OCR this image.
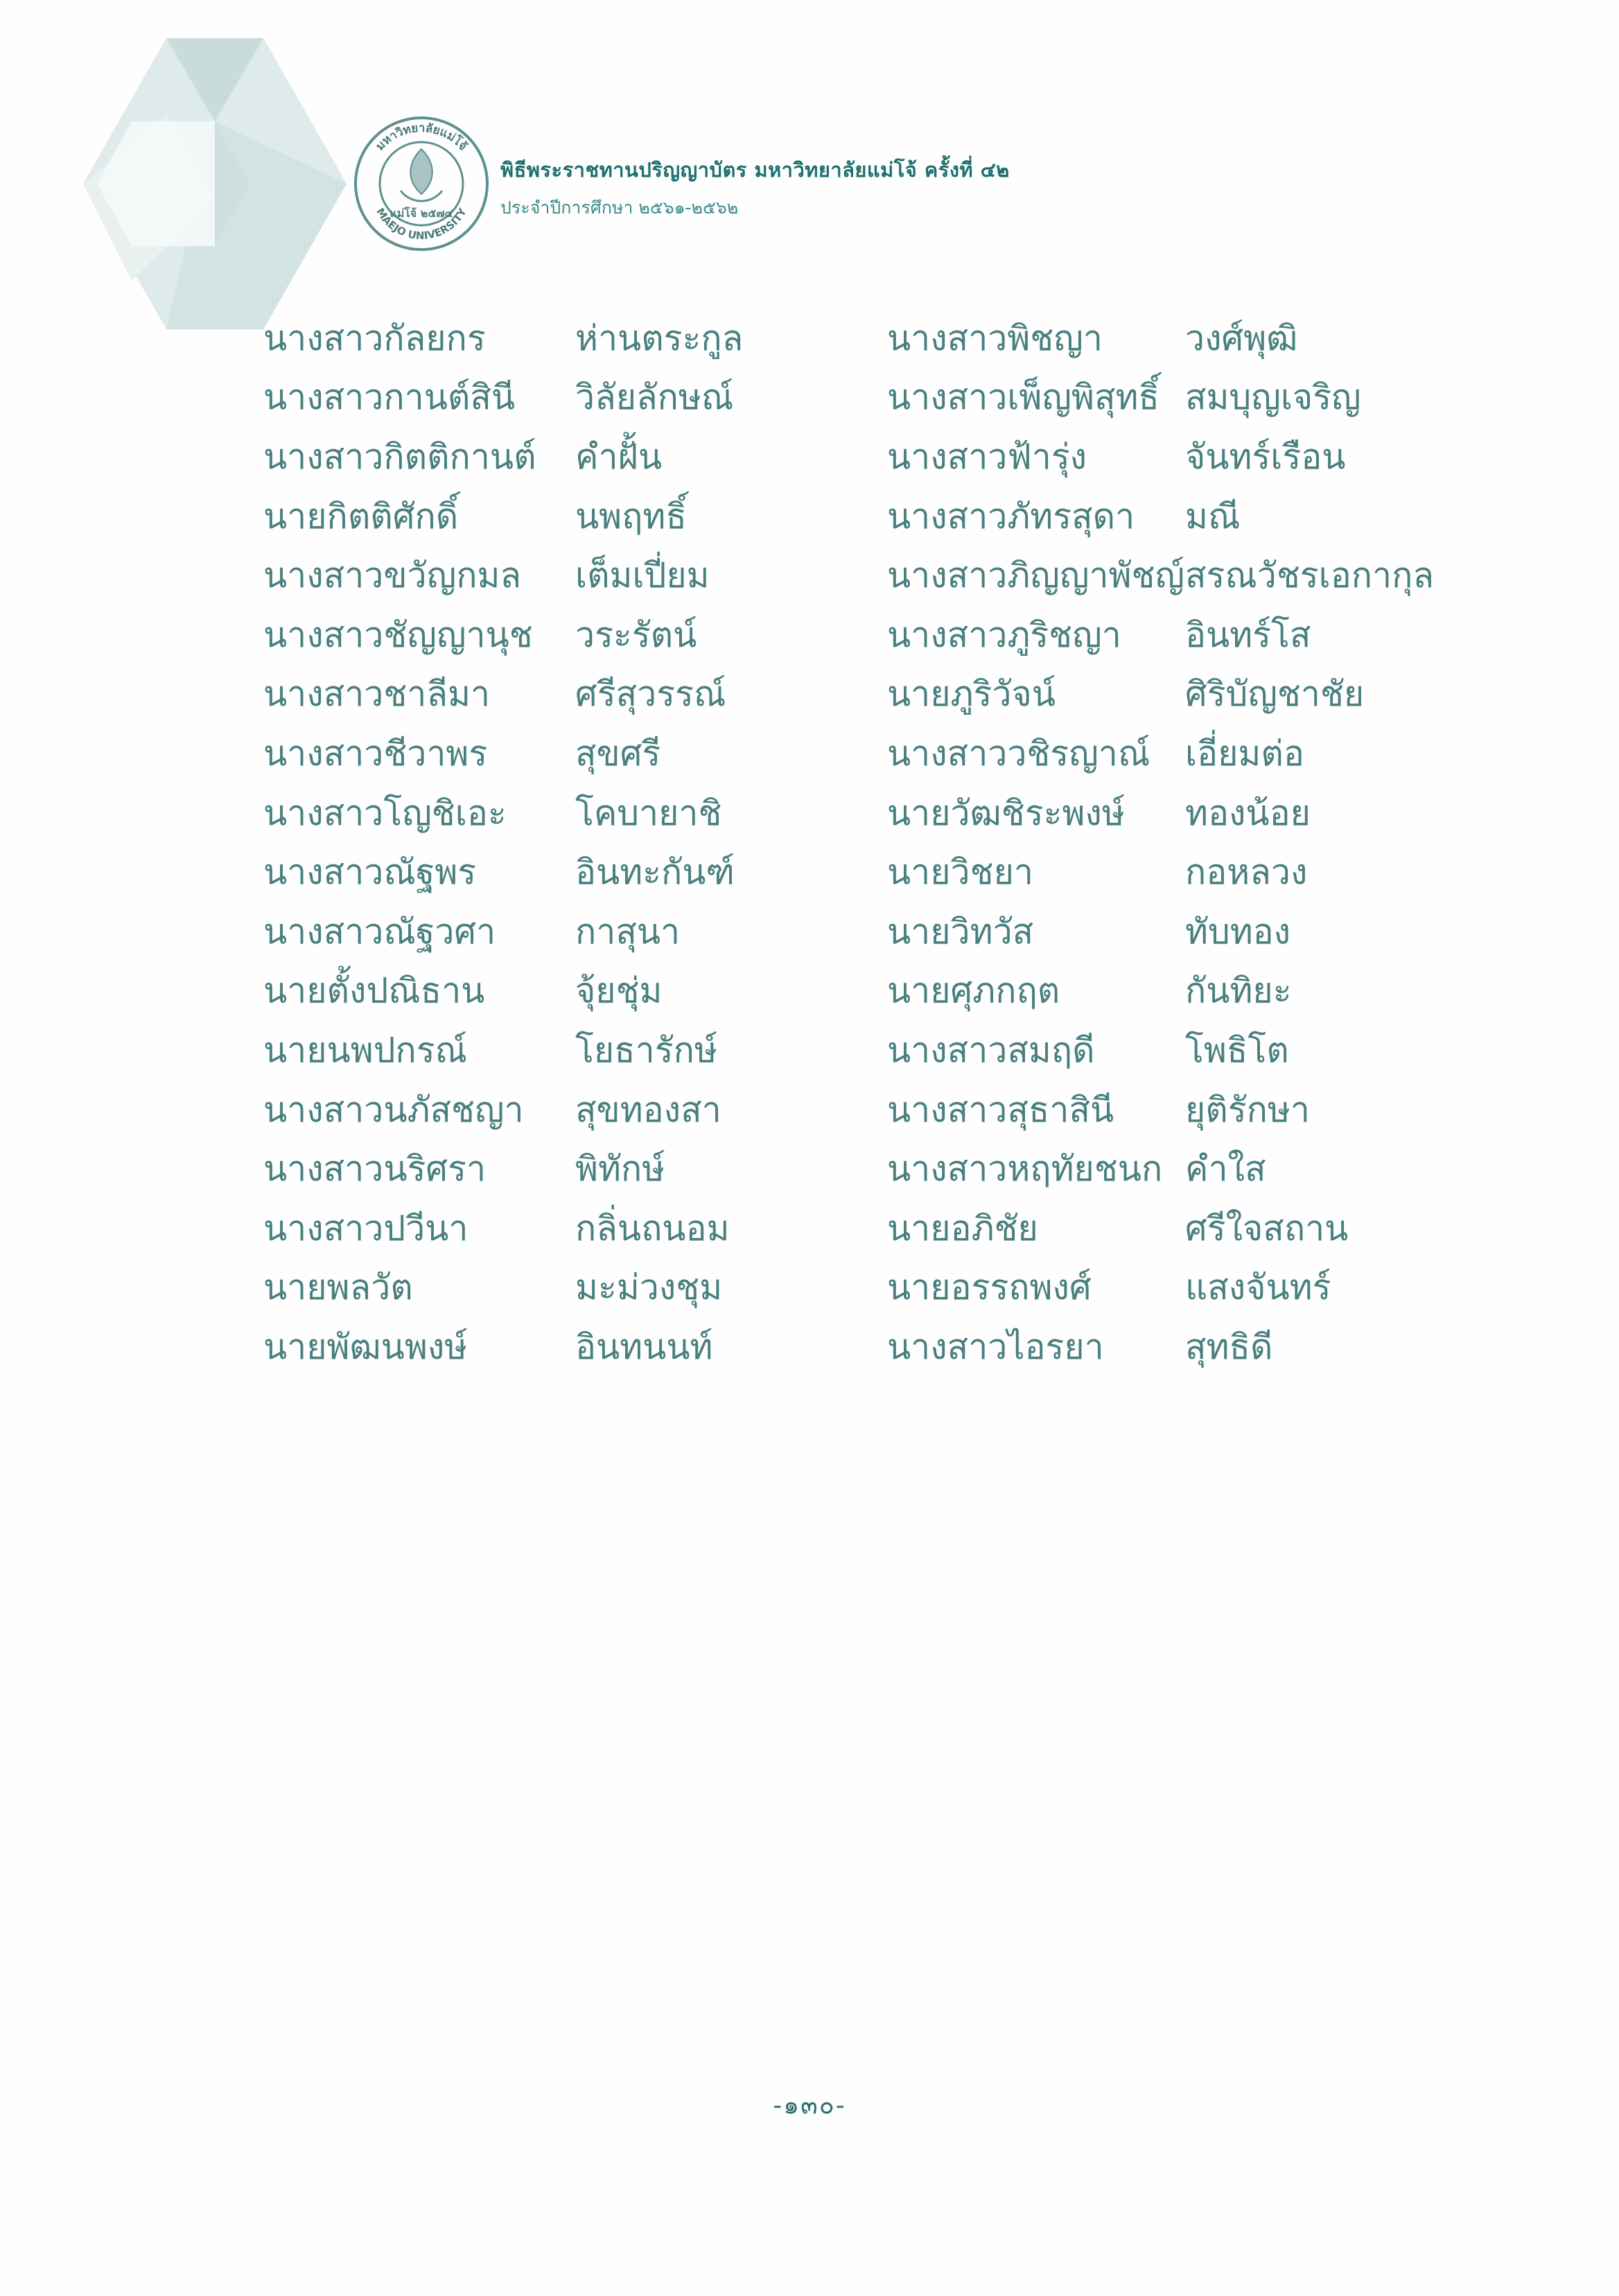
มหาวิทยาลัยแม่โจ้
MAEJO UNIVERSITY
แม่โจ้ ๒๕๗๔
พิธีพระราชทานปริญญาบัตร มหาวิทยาลัยแม่โจ้ ครั้งที่ ๔๒
ประจำปีการศึกษา ๒๕๖๑-๒๕๖๒
นางสาวกัลยกร	ห่านตระกูล	นางสาวพิชญา	วงศ์พุฒิ
นางสาวกานต์สินี	วิลัยลักษณ์	นางสาวเพ็ญพิสุทธิ์ สมบุญเจริญ
นางสาวกิตติกานต์	คำฝั้น	นางสาวฟ้ารุ่ง	จันทร์เรือน
นายกิตติศักดิ์	นพฤทธิ์	นางสาวภัทรสุดา	มณี
นางสาวขวัญกมล	เต็มเปี่ยม	นางสาวภิญญาพัชญ์ สรณวัชรเอกากุล
นางสาวชัญญานุช	วระรัตน์	นางสาวภูริชญา	อินทร์โส
นางสาวชาลีมา	ศรีสุวรรณ์	นายภูริวัจน์	ศิริบัญชาชัย
นางสาวชีวาพร	สุขศรี	นางสาววชิรญาณ์	เอี่ยมต่อ
นางสาวโญชิเอะ	โคบายาชิ	นายวัฒชิระพงษ์	ทองน้อย
นางสาวณัฐพร	อินทะกันฑ์	นายวิชยา	กอหลวง
นางสาวณัฐวศา	กาสุนา	นายวิทวัส	ทับทอง
นายตั้งปณิธาน	จุ้ยชุ่ม	นายศุภกฤต	กันทิยะ
นายนพปกรณ์	โยธารักษ์	นางสาวสมฤดี	โพธิโต
นางสาวนภัสชญา	สุขทองสา	นางสาวสุธาสินี	ยุติรักษา
นางสาวนริศรา	พิทักษ์	นางสาวหฤทัยชนก คำใส
นางสาวปวีนา	กลิ่นถนอม	นายอภิชัย	ศรีใจสถาน
นายพลวัต	มะม่วงชุม	นายอรรถพงศ์	แสงจันทร์
นายพัฒนพงษ์	อินทนนท์	นางสาวไอรยา	สุทธิดี
-๑๓๐-
